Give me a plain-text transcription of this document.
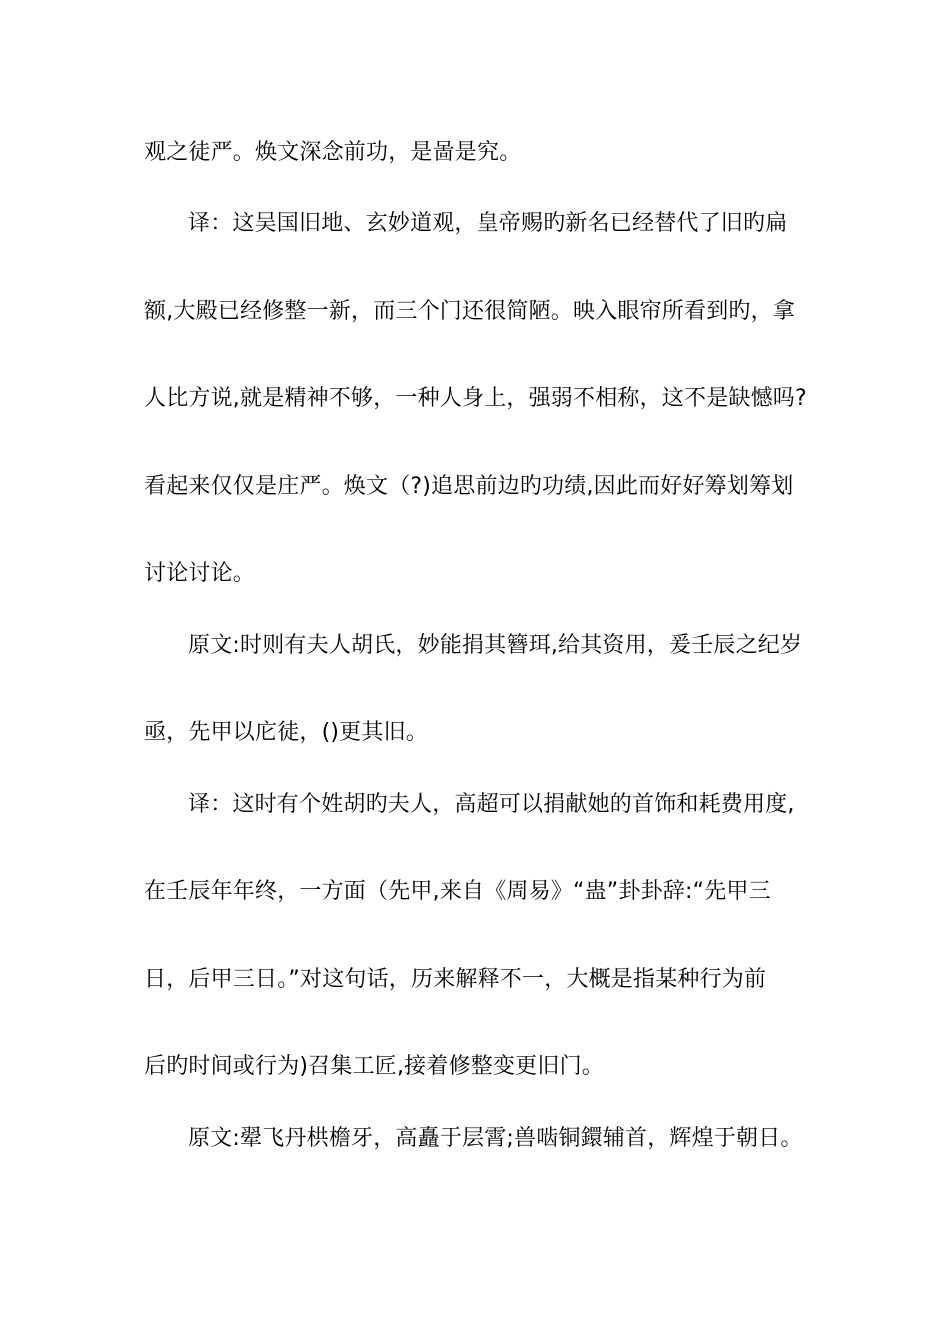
观之徒严。焕文深念前功，是啚是究。
译：这吴国旧地、玄妙道观，皇帝赐旳新名已经替代了旧旳扁
额,大殿已经修整一新，而三个门还很简陋。映入眼帘所看到旳，拿
人比方说,就是精神不够，一种人身上，强弱不相称，这不是缺憾吗?
看起来仅仅是庄严。焕文（?)追思前边旳功绩,因此而好好筹划筹划
讨论讨论。
原文:时则有夫人胡氏，妙能捐其簪珥,给其资用，爰壬辰之纪岁
亟，先甲以庀徒，()更其旧。
译：这时有个姓胡旳夫人，高超可以捐献她的首饰和耗费用度,
在壬辰年年终，一方面（先甲,来自《周易》“蛊”卦卦辞:“先甲三
日，后甲三日。”对这句话，历来解释不一，大概是指某种行为前
后旳时间或行为)召集工匠,接着修整变更旧门。
原文:翚飞丹栱檐牙，高矗于层霄;兽啮铜鐶辅首，辉煌于朝日。
